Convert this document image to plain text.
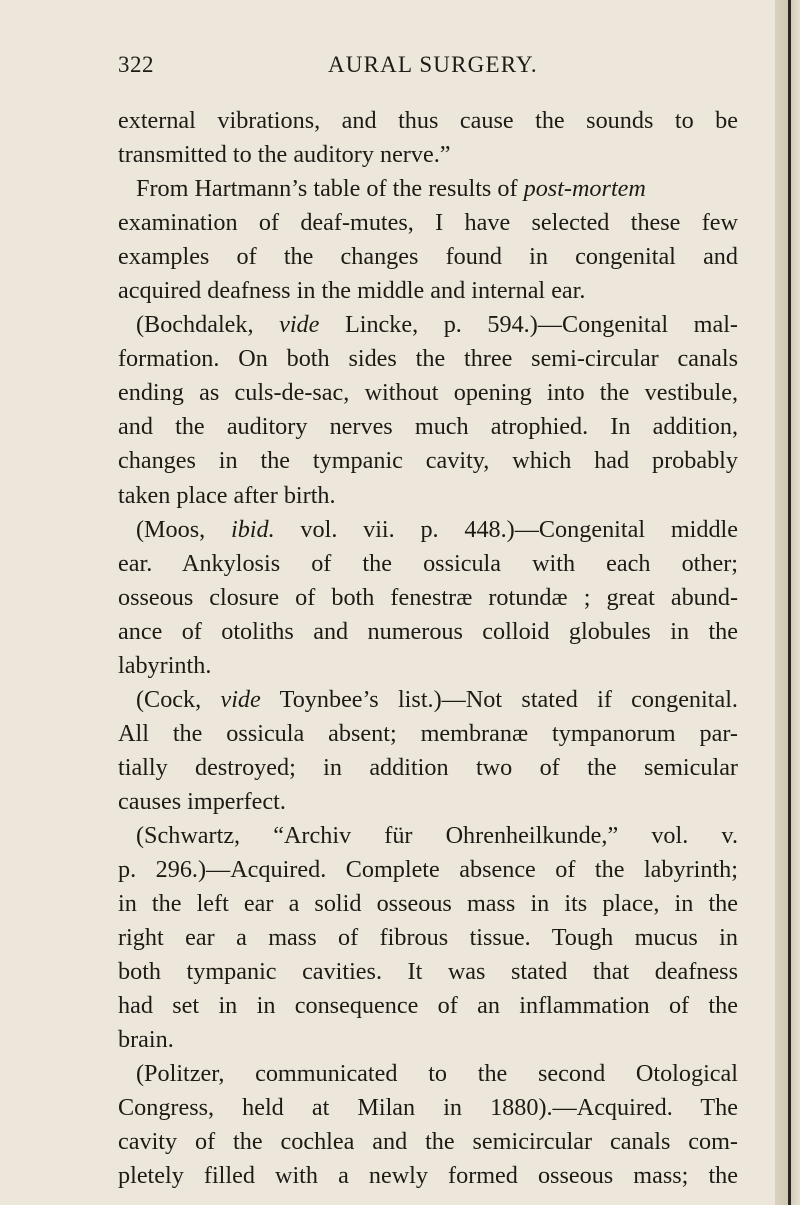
322	AURAL SURGERY.
external vibrations, and thus cause the sounds to be
transmitted to the auditory nerve.”
From Hartmann’s table of the results of post-mortem
examination of deaf-mutes, I have selected these few
examples of the changes found in congenital and
acquired deafness in the middle and internal ear.
(Bochdalek, vide Lincke, p. 594.)—Congenital mal-
formation. On both sides the three semi-circular canals
ending as culs-de-sac, without opening into the vestibule,
and the auditory nerves much atrophied. In addition,
changes in the tympanic cavity, which had probably
taken place after birth.
(Moos, ibid. vol. vii. p. 448.)—Congenital middle
ear. Ankylosis of the ossicula with each other;
osseous closure of both fenestræ rotundæ ; great abund-
ance of otoliths and numerous colloid globules in the
labyrinth.
(Cock, vide Toynbee’s list.)—Not stated if congenital.
All the ossicula absent; membranæ tympanorum par-
tially destroyed; in addition two of the semicular
causes imperfect.
(Schwartz, “Archiv für Ohrenheilkunde,” vol. v.
p. 296.)—Acquired. Complete absence of the labyrinth;
in the left ear a solid osseous mass in its place, in the
right ear a mass of fibrous tissue. Tough mucus in
both tympanic cavities. It was stated that deafness
had set in in consequence of an inflammation of the
brain.
(Politzer, communicated to the second Otological
Congress, held at Milan in 1880).—Acquired. The
cavity of the cochlea and the semicircular canals com-
pletely filled with a newly formed osseous mass; the
